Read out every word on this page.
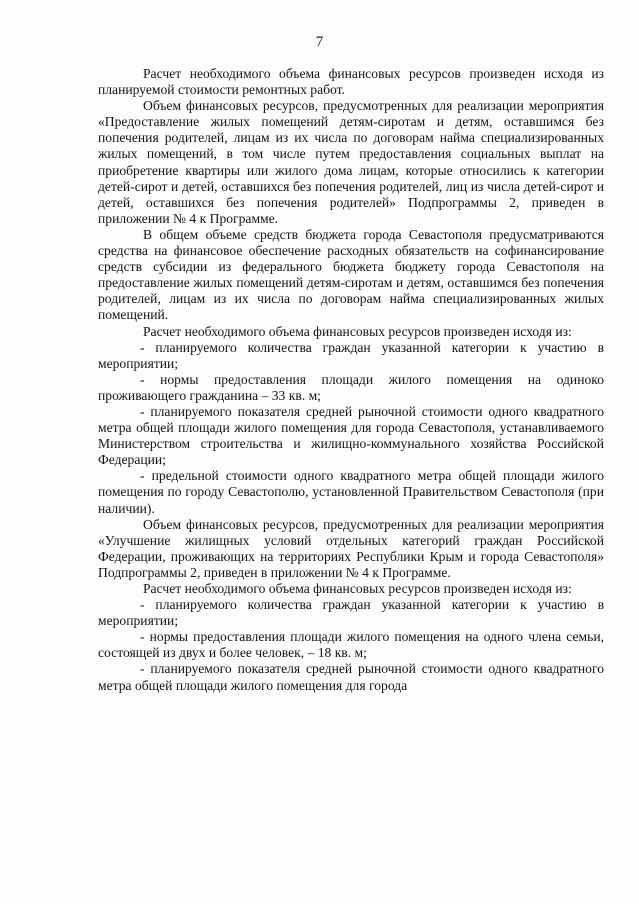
7

Расчет необходимого объема финансовых ресурсов произведен исходя из планируемой стоимости ремонтных работ.

Объем финансовых ресурсов, предусмотренных для реализации мероприятия «Предоставление жилых помещений детям-сиротам и детям, оставшимся без попечения родителей, лицам из их числа по договорам найма специализированных жилых помещений, в том числе путем предоставления социальных выплат на приобретение квартиры или жилого дома лицам, которые относились к категории детей-сирот и детей, оставшихся без попечения родителей, лиц из числа детей-сирот и детей, оставшихся без попечения родителей» Подпрограммы 2, приведен в приложении № 4 к Программе.

В общем объеме средств бюджета города Севастополя предусматриваются средства на финансовое обеспечение расходных обязательств на софинансирование средств субсидии из федерального бюджета бюджету города Севастополя на предоставление жилых помещений детям-сиротам и детям, оставшимся без попечения родителей, лицам из их числа по договорам найма специализированных жилых помещений.

Расчет необходимого объема финансовых ресурсов произведен исходя из:

- планируемого количества граждан указанной категории к участию в мероприятии;

- нормы предоставления площади жилого помещения на одиноко проживающего гражданина – 33 кв. м;

- планируемого показателя средней рыночной стоимости одного квадратного метра общей площади жилого помещения для города Севастополя, устанавливаемого Министерством строительства и жилищно-коммунального хозяйства Российской Федерации;

- предельной стоимости одного квадратного метра общей площади жилого помещения по городу Севастополю, установленной Правительством Севастополя (при наличии).

Объем финансовых ресурсов, предусмотренных для реализации мероприятия «Улучшение жилищных условий отдельных категорий граждан Российской Федерации, проживающих на территориях Республики Крым и города Севастополя» Подпрограммы 2, приведен в приложении № 4 к Программе.

Расчет необходимого объема финансовых ресурсов произведен исходя из:

- планируемого количества граждан указанной категории к участию в мероприятии;

- нормы предоставления площади жилого помещения на одного члена семьи, состоящей из двух и более человек, – 18 кв. м;

- планируемого показателя средней рыночной стоимости одного квадратного метра общей площади жилого помещения для города
